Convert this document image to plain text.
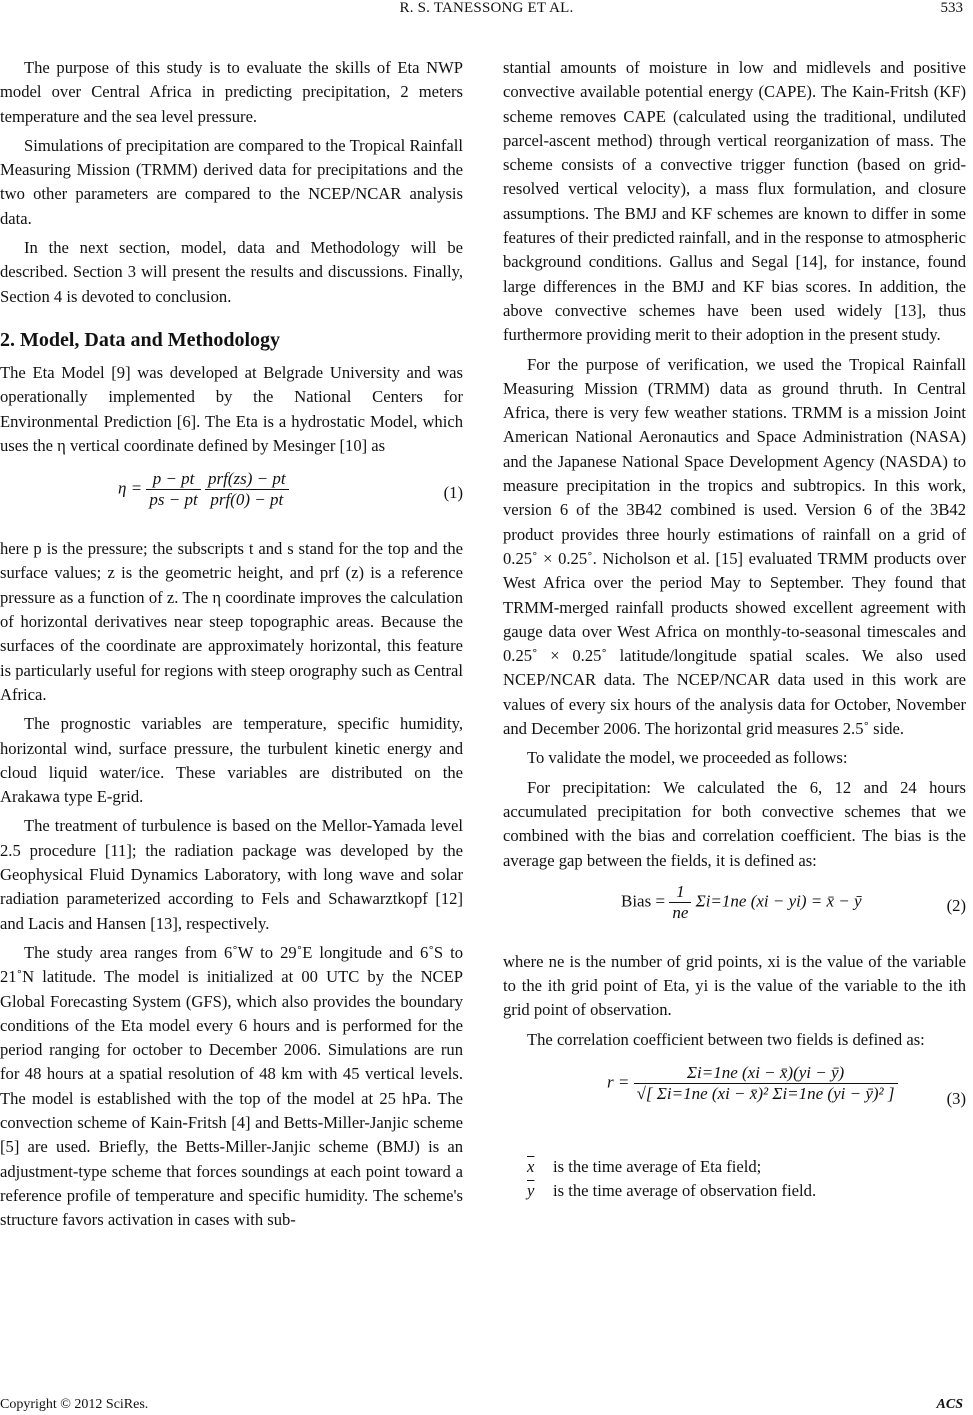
R. S. TANESSONG ET AL.	533

The purpose of this study is to evaluate the skills of Eta NWP model over Central Africa in predicting precipitation, 2 meters temperature and the sea level pressure.

Simulations of precipitation are compared to the Tropical Rainfall Measuring Mission (TRMM) derived data for precipitations and the two other parameters are compared to the NCEP/NCAR analysis data.

In the next section, model, data and Methodology will be described. Section 3 will present the results and discussions. Finally, Section 4 is devoted to conclusion.

2. Model, Data and Methodology

The Eta Model [9] was developed at Belgrade University and was operationally implemented by the National Centers for Environmental Prediction [6]. The Eta is a hydrostatic Model, which uses the η vertical coordinate defined by Mesinger [10] as

$\eta = \frac{p - pt}{ps - pt}$
$\frac{\text{prf(zs) − pt}}{\text{prf(0) − pt}}$	(1)

here p is the pressure; the subscripts t and s stand for the top and the surface values; z is the geometric height, and prf (z) is a reference pressure as a function of z. The η coordinate improves the calculation of horizontal derivatives near steep topographic areas. Because the surfaces of the coordinate are approximately horizontal, this feature is particularly useful for regions with steep orography such as Central Africa.

The prognostic variables are temperature, specific humidity, horizontal wind, surface pressure, the turbulent kinetic energy and cloud liquid water/ice. These variables are distributed on the Arakawa type E-grid.

The treatment of turbulence is based on the Mellor-Yamada level 2.5 procedure [11]; the radiation package was developed by the Geophysical Fluid Dynamics Laboratory, with long wave and solar radiation parameterized according to Fels and Schawarztkopf [12] and Lacis and Hansen [13], respectively.

The study area ranges from 6˚W to 29˚E longitude and 6˚S to 21˚N latitude. The model is initialized at 00 UTC by the NCEP Global Forecasting System (GFS), which also provides the boundary conditions of the Eta model every 6 hours and is performed for the period ranging for october to December 2006. Simulations are run for 48 hours at a spatial resolution of 48 km with 45 vertical levels. The model is established with the top of the model at 25 hPa. The convection scheme of Kain-Fritsh [4] and Betts-Miller-Janjic scheme [5] are used. Briefly, the Betts-Miller-Janjic scheme (BMJ) is an adjustment-type scheme that forces soundings at each point toward a reference profile of temperature and specific humidity. The scheme's structure favors activation in cases with sub-

stantial amounts of moisture in low and midlevels and positive convective available potential energy (CAPE). The Kain-Fritsh (KF) scheme removes CAPE (calculated using the traditional, undiluted parcel-ascent method) through vertical reorganization of mass. The scheme consists of a convective trigger function (based on grid-resolved vertical velocity), a mass flux formulation, and closure assumptions. The BMJ and KF schemes are known to differ in some features of their predicted rainfall, and in the response to atmospheric background conditions. Gallus and Segal [14], for instance, found large differences in the BMJ and KF bias scores. In addition, the above convective schemes have been used widely [13], thus furthermore providing merit to their adoption in the present study.

For the purpose of verification, we used the Tropical Rainfall Measuring Mission (TRMM) data as ground thruth. In Central Africa, there is very few weather stations. TRMM is a mission Joint American National Aeronautics and Space Administration (NASA) and the Japanese National Space Development Agency (NASDA) to measure precipitation in the tropics and subtropics. In this work, version 6 of the 3B42 combined is used. Version 6 of the 3B42 product provides three hourly estimations of rainfall on a grid of 0.25˚ × 0.25˚. Nicholson et al. [15] evaluated TRMM products over West Africa over the period May to September. They found that TRMM-merged rainfall products showed excellent agreement with gauge data over West Africa on monthly-to-seasonal timescales and 0.25˚ × 0.25˚ latitude/longitude spatial scales. We also used NCEP/NCAR data. The NCEP/NCAR data used in this work are values of every six hours of the analysis data for October, November and December 2006. The horizontal grid measures 2.5˚ side.

To validate the model, we proceeded as follows:

For precipitation: We calculated the 6, 12 and 24 hours accumulated precipitation for both convective schemes that we combined with the bias and correlation coefficient. The bias is the average gap between the fields, it is defined as:

Bias = $\frac{1}{ne} \Sigma i=1ne$ (xi − yi) = x̄ − ȳ	(2)

where ne is the number of grid points, xi is the value of the variable to the ith grid point of Eta, yi is the value of the variable to the ith grid point of observation.

The correlation coefficient between two fields is defined as:

$r = \frac{\Sigma i=1ne (xi - x̄)(yi - ȳ)}{\text{√[ Σi=1ne (xi − x̄)² Σi=1ne (yi − ȳ)² ]}}$	(3)
$\overline{x}$ is the time average of Eta field;
$\overline{y}$ is the time average of observation field.
Copyright © 2012 SciRes.	ACS
